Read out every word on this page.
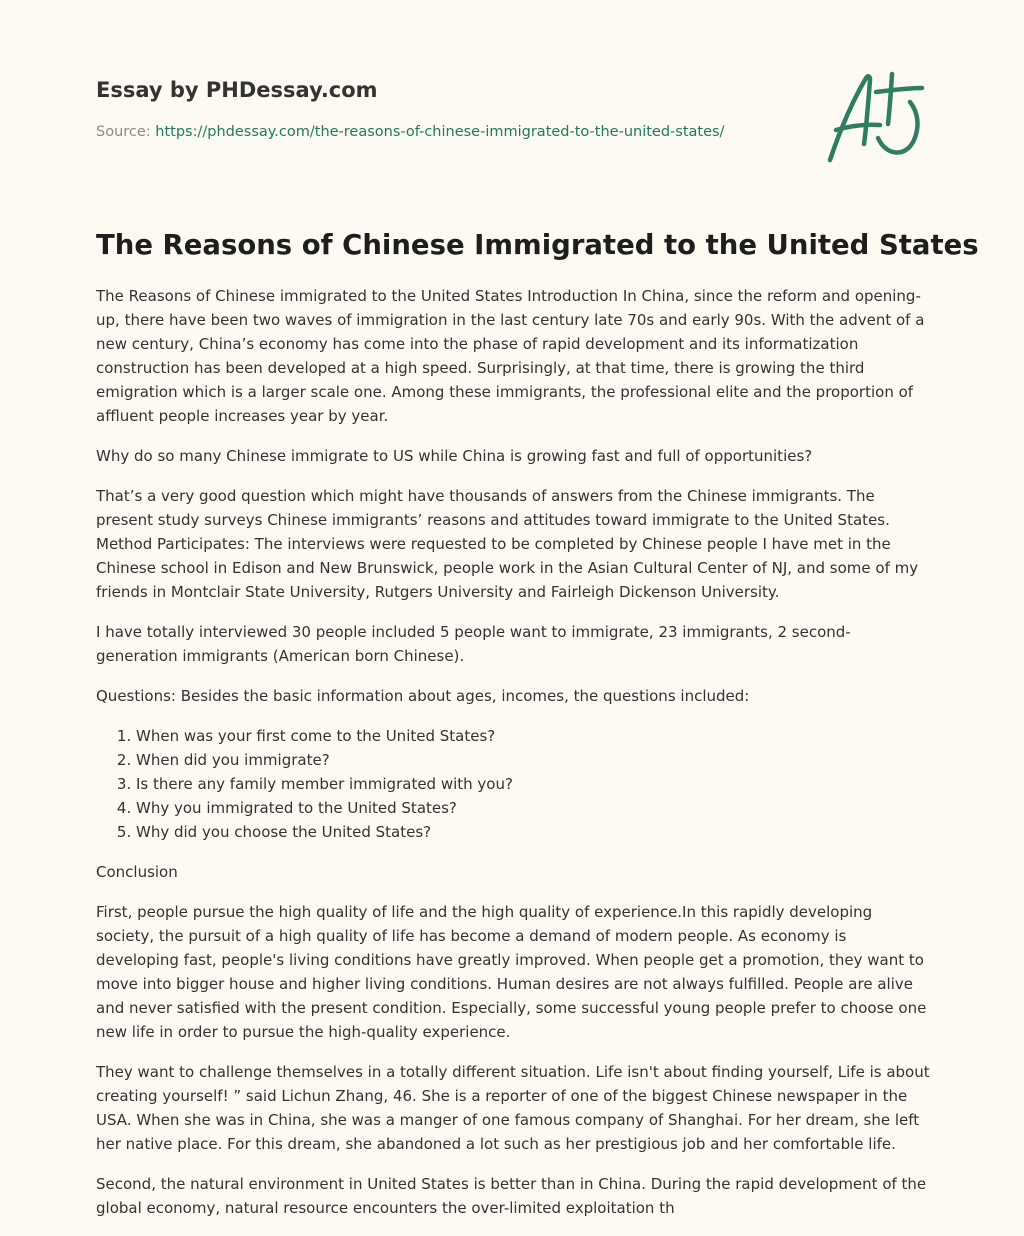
Essay by PHDessay.com
Source: https://phdessay.com/the-reasons-of-chinese-immigrated-to-the-united-states/
The Reasons of Chinese Immigrated to the United States

The Reasons of Chinese immigrated to the United States Introduction In China, since the reform and opening-up, there have been two waves of immigration in the last century late 70s and early 90s. With the advent of a new century, China’s economy has come into the phase of rapid development and its informatization construction has been developed at a high speed. Surprisingly, at that time, there is growing the third emigration which is a larger scale one. Among these immigrants, the professional elite and the proportion of affluent people increases year by year.

Why do so many Chinese immigrate to US while China is growing fast and full of opportunities?

That’s a very good question which might have thousands of answers from the Chinese immigrants. The present study surveys Chinese immigrants’ reasons and attitudes toward immigrate to the United States. Method Participates: The interviews were requested to be completed by Chinese people I have met in the Chinese school in Edison and New Brunswick, people work in the Asian Cultural Center of NJ, and some of my friends in Montclair State University, Rutgers University and Fairleigh Dickenson University.

I have totally interviewed 30 people included 5 people want to immigrate, 23 immigrants, 2 second-generation immigrants (American born Chinese).

Questions: Besides the basic information about ages, incomes, the questions included:

1. When was your first come to the United States?
2. When did you immigrate?
3. Is there any family member immigrated with you?
4. Why you immigrated to the United States?
5. Why did you choose the United States?

Conclusion

First, people pursue the high quality of life and the high quality of experience.In this rapidly developing society, the pursuit of a high quality of life has become a demand of modern people. As economy is developing fast, people's living conditions have greatly improved. When people get a promotion, they want to move into bigger house and higher living conditions. Human desires are not always fulfilled. People are alive and never satisfied with the present condition. Especially, some successful young people prefer to choose one new life in order to pursue the high-quality experience.

They want to challenge themselves in a totally different situation. Life isn't about finding yourself, Life is about creating yourself! ” said Lichun Zhang, 46. She is a reporter of one of the biggest Chinese newspaper in the USA. When she was in China, she was a manger of one famous company of Shanghai. For her dream, she left her native place. For this dream, she abandoned a lot such as her prestigious job and her comfortable life.

Second, the natural environment in United States is better than in China. During the rapid development of the global economy, natural resource encounters the over-limited exploitation th
